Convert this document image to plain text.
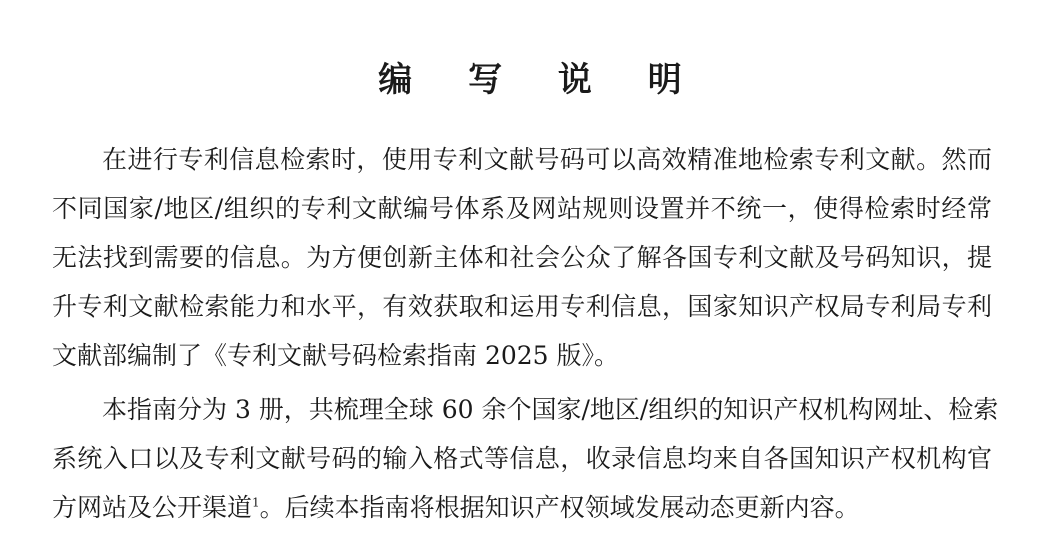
编 写 说 明

在进行专利信息检索时，使用专利文献号码可以高效精准地检索专利文献。然而

不同国家/地区/组织的专利文献编号体系及网站规则设置并不统一，使得检索时经常

无法找到需要的信息。为方便创新主体和社会公众了解各国专利文献及号码知识，提

升专利文献检索能力和水平，有效获取和运用专利信息，国家知识产权局专利局专利

文献部编制了《专利文献号码检索指南 2025 版》。

本指南分为 3 册，共梳理全球 60 余个国家/地区/组织的知识产权机构网址、检索

系统入口以及专利文献号码的输入格式等信息，收录信息均来自各国知识产权机构官

方网站及公开渠道$^1$。后续本指南将根据知识产权领域发展动态更新内容。
